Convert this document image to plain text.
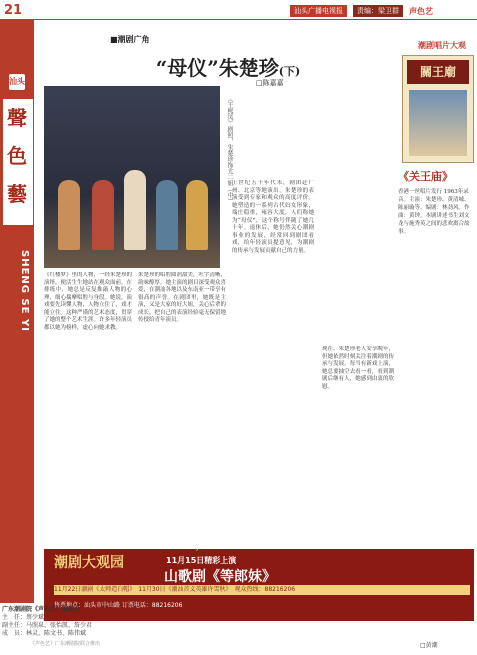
21	汕头广播电视报	责编：梁卫群	声色艺
汕头
聲
色
藝
SHENG SE YI
■潮剧广角
“母仪”朱楚珍(下)
□陈嘉嘉
《王熙凤》剧照，朱楚珍饰尤二姐（中）
《红楼梦》里的人物，一经朱楚珍的演绎，便活生生地站在观众面前。在排练中，她总是反复推敲人物的心理，细心揣摩唱腔与身段。她说，演戏要先读懂人物，人物立住了，戏才能立住。这种严谨的艺术态度，贯穿了她的整个艺术生涯。许多年轻演员都以她为榜样，虚心向她求教。
朱楚珍的唱腔圆润甜美，吐字清晰，韵味醇厚。她主演的剧目深受观众喜爱，在潮汕各地以及东南亚一带享有很高的声誉。在剧团里，她既是主演，又是大家的好大姐，关心后辈的成长，把自己的表演经验毫无保留地传授给青年演员。
上世纪五十年代末，剧团赴广州、北京等地演出，朱楚珍的表演受到专家和观众的高度评价。她塑造的一系列古代妇女形象，端庄稳重，雍容大度，人们称她为“母仪”，这个称号伴随了她几十年。退休后，她仍然关心潮剧事业的发展，经常回到剧团看戏，给年轻演员提意见，为潮剧的传承与发展贡献自己的力量。
现在，朱楚珍老人安享晚年，但她依然时刻关注着潮剧的传承与发展。每当有新戏上演，她总要抽空去看一看，看到潮剧后继有人，她感到由衷的欣慰。
潮剧唱片大观
關王廟
《关王庙》
香港一丝唱片发行 1963年录音。主演：朱楚珍、黄清城、陈丽璇等。编剧：林劲风。作曲：黄钟。本剧讲述书生刘文龙与施秀英之间的悲欢离合故事。
WWW.CHAOJU.COM
潮剧大观园	11月15日精彩上演
山歌剧《等郎妹》
11月22日潮剧《太师造白帽》　11月30日《潮汕首义英雄许雪秋》　观众热线：88216206
售票地点：汕头市中山路 订票电话：88216206
广东潮剧院《声色艺》编委会
主　任：蔡少斌
副主任：马照泉、张怡凯、詹少君
成　员：林灵、陈文书、陈伟斌
《声色艺》广东潮剧院联合推出	□黄潮
